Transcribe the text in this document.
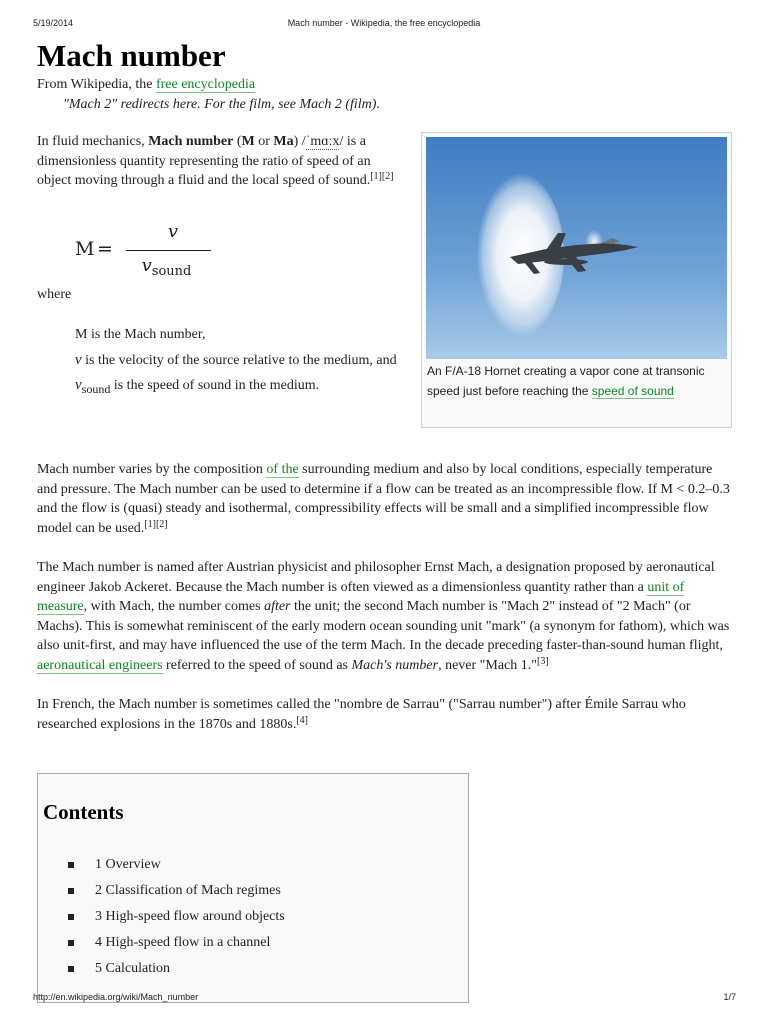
5/19/2014	Mach number - Wikipedia, the free encyclopedia
Mach number
From Wikipedia, the free encyclopedia
"Mach 2" redirects here. For the film, see Mach 2 (film).
In fluid mechanics, Mach number (M or Ma) /ˈmɑːx/ is a dimensionless quantity representing the ratio of speed of an object moving through a fluid and the local speed of sound.[1][2]
M =
v
$v_{sound}$
where
M is the Mach number,
v is the velocity of the source relative to the medium, and
vsound is the speed of sound in the medium.
An F/A-18 Hornet creating a vapor cone at transonic speed just before reaching the speed of sound

Mach number varies by the composition of the surrounding medium and also by local conditions, especially temperature and pressure. The Mach number can be used to determine if a flow can be treated as an incompressible flow. If M < 0.2–0.3 and the flow is (quasi) steady and isothermal, compressibility effects will be small and a simplified incompressible flow model can be used.[1][2]

The Mach number is named after Austrian physicist and philosopher Ernst Mach, a designation proposed by aeronautical engineer Jakob Ackeret. Because the Mach number is often viewed as a dimensionless quantity rather than a unit of measure, with Mach, the number comes after the unit; the second Mach number is "Mach 2" instead of "2 Mach" (or Machs). This is somewhat reminiscent of the early modern ocean sounding unit "mark" (a synonym for fathom), which was also unit-first, and may have influenced the use of the term Mach. In the decade preceding faster-than-sound human flight, aeronautical engineers referred to the speed of sound as Mach's number, never "Mach 1."[3]

In French, the Mach number is sometimes called the "nombre de Sarrau" ("Sarrau number") after Émile Sarrau who researched explosions in the 1870s and 1880s.[4]

Contents
1 Overview
2 Classification of Mach regimes
3 High-speed flow around objects
4 High-speed flow in a channel
5 Calculation
http://en.wikipedia.org/wiki/Mach_number	1/7
